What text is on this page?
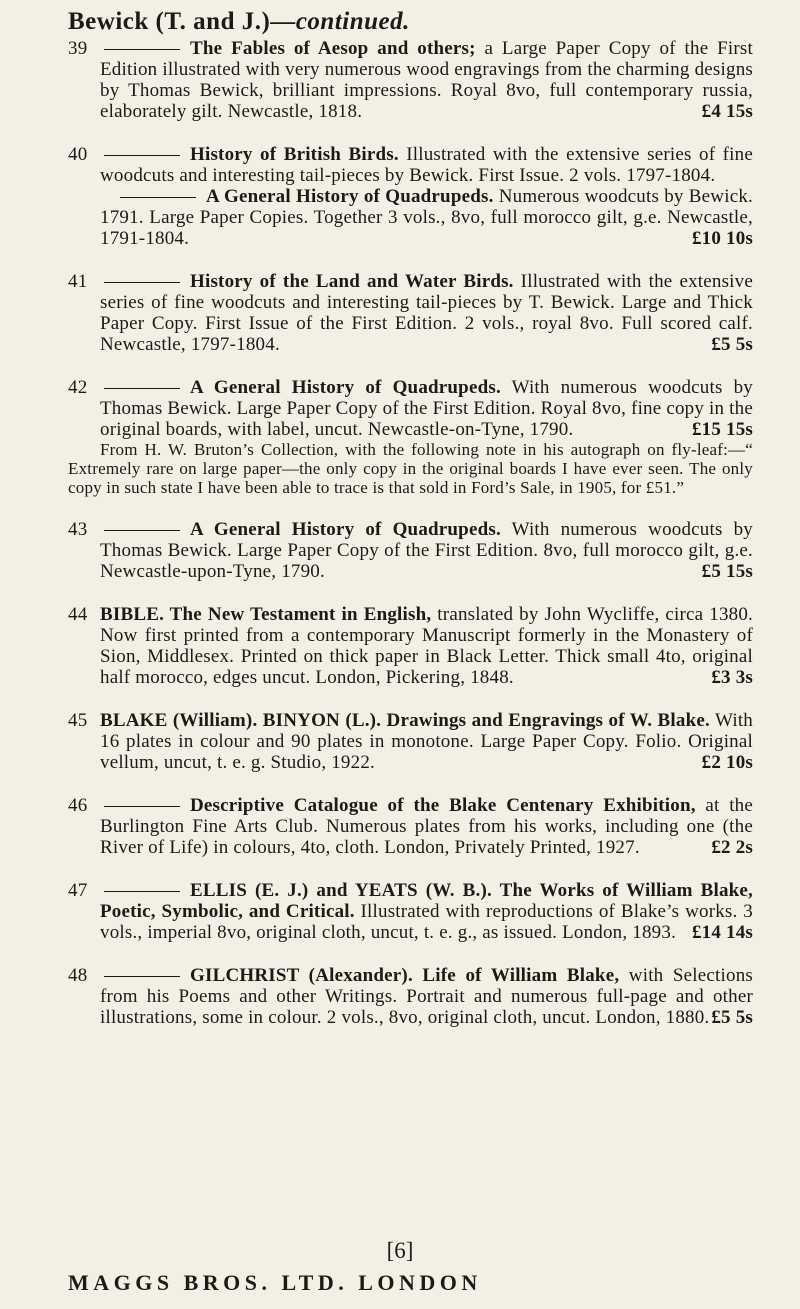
Bewick (T. and J.)—continued.

39	The Fables of Aesop and others; a Large Paper Copy of the First Edition illustrated with very numerous wood engravings from the charming designs by Thomas Bewick, brilliant impressions. Royal 8vo, full contemporary russia, elaborately gilt. Newcastle, 1818.	£4 15s

40	History of British Birds. Illustrated with the extensive series of fine woodcuts and interesting tail-pieces by Bewick. First Issue. 2 vols. 1797-1804.

A General History of Quadrupeds. Numerous woodcuts by Bewick. 1791. Large Paper Copies. Together 3 vols., 8vo, full morocco gilt, g.e. Newcastle, 1791-1804.	£10 10s

41	History of the Land and Water Birds. Illustrated with the extensive series of fine woodcuts and interesting tail-pieces by T. Bewick. Large and Thick Paper Copy. First Issue of the First Edition. 2 vols., royal 8vo. Full scored calf. Newcastle, 1797-1804.	£5 5s

42	A General History of Quadrupeds. With numerous woodcuts by Thomas Bewick. Large Paper Copy of the First Edition. Royal 8vo, fine copy in the original boards, with label, uncut. Newcastle-on-Tyne, 1790.	£15 15s

From H. W. Bruton’s Collection, with the following note in his autograph on fly-leaf:—“ Extremely rare on large paper—the only copy in the original boards I have ever seen. The only copy in such state I have been able to trace is that sold in Ford’s Sale, in 1905, for £51.”

43	A General History of Quadrupeds. With numerous woodcuts by Thomas Bewick. Large Paper Copy of the First Edition. 8vo, full morocco gilt, g.e. Newcastle-upon-Tyne, 1790.	£5 15s

44 BIBLE. The New Testament in English, translated by John Wycliffe, circa 1380. Now first printed from a contemporary Manuscript formerly in the Monastery of Sion, Middlesex. Printed on thick paper in Black Letter. Thick small 4to, original half morocco, edges uncut. London, Pickering, 1848.	£3 3s

45 BLAKE (William). BINYON (L.). Drawings and Engravings of W. Blake. With 16 plates in colour and 90 plates in monotone. Large Paper Copy. Folio. Original vellum, uncut, t. e. g. Studio, 1922.	£2 10s

46	Descriptive Catalogue of the Blake Centenary Exhibition, at the Burlington Fine Arts Club. Numerous plates from his works, including one (the River of Life) in colours, 4to, cloth. London, Privately Printed, 1927.	£2 2s

47	ELLIS (E. J.) and YEATS (W. B.). The Works of William Blake, Poetic, Symbolic, and Critical. Illustrated with reproductions of Blake’s works. 3 vols., imperial 8vo, original cloth, uncut, t. e. g., as issued. London, 1893. £14 14s

48	GILCHRIST (Alexander). Life of William Blake, with Selections from his Poems and other Writings. Portrait and numerous full-page and other illustrations, some in colour. 2 vols., 8vo, original cloth, uncut. London, 1880. £5 5s

[6]
MAGGS BROS. LTD. LONDON
